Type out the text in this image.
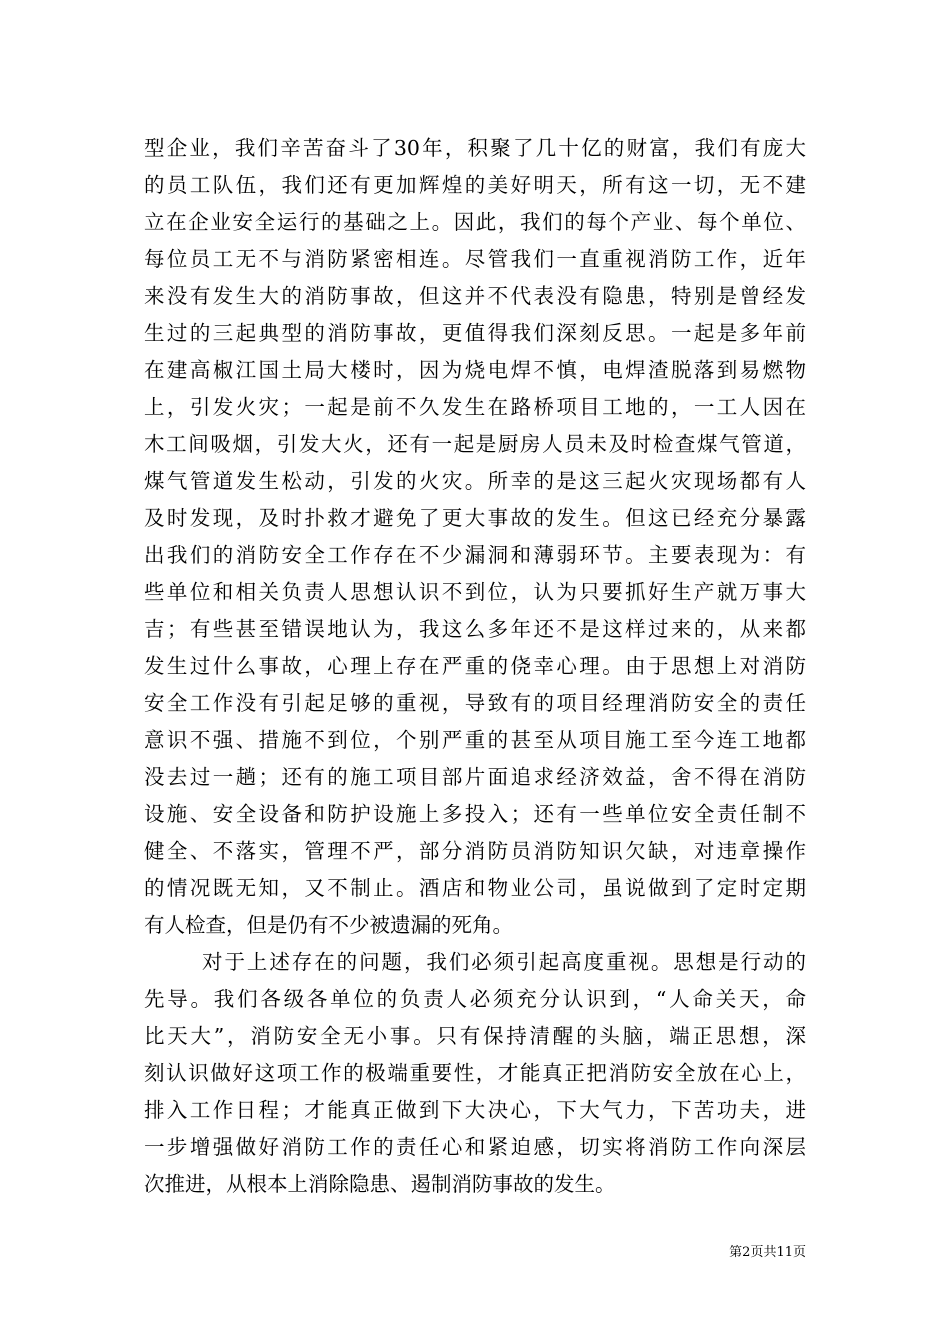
型企业，我们辛苦奋斗了30年，积聚了几十亿的财富，我们有庞大
的员工队伍，我们还有更加辉煌的美好明天，所有这一切，无不建
立在企业安全运行的基础之上。因此，我们的每个产业、每个单位、
每位员工无不与消防紧密相连。尽管我们一直重视消防工作，近年
来没有发生大的消防事故，但这并不代表没有隐患，特别是曾经发
生过的三起典型的消防事故，更值得我们深刻反思。一起是多年前
在建高椒江国土局大楼时，因为烧电焊不慎，电焊渣脱落到易燃物
上，引发火灾；一起是前不久发生在路桥项目工地的，一工人因在
木工间吸烟，引发大火，还有一起是厨房人员未及时检查煤气管道，
煤气管道发生松动，引发的火灾。所幸的是这三起火灾现场都有人
及时发现，及时扑救才避免了更大事故的发生。但这已经充分暴露
出我们的消防安全工作存在不少漏洞和薄弱环节。主要表现为：有
些单位和相关负责人思想认识不到位，认为只要抓好生产就万事大
吉；有些甚至错误地认为，我这么多年还不是这样过来的，从来都
发生过什么事故，心理上存在严重的侥幸心理。由于思想上对消防
安全工作没有引起足够的重视，导致有的项目经理消防安全的责任
意识不强、措施不到位，个别严重的甚至从项目施工至今连工地都
没去过一趟；还有的施工项目部片面追求经济效益，舍不得在消防
设施、安全设备和防护设施上多投入；还有一些单位安全责任制不
健全、不落实，管理不严，部分消防员消防知识欠缺，对违章操作
的情况既无知，又不制止。酒店和物业公司，虽说做到了定时定期
有人检查，但是仍有不少被遗漏的死角。
对于上述存在的问题，我们必须引起高度重视。思想是行动的
先导。我们各级各单位的负责人必须充分认识到，“人命关天，命
比天大”，消防安全无小事。只有保持清醒的头脑，端正思想，深
刻认识做好这项工作的极端重要性，才能真正把消防安全放在心上，
排入工作日程；才能真正做到下大决心，下大气力，下苦功夫，进
一步增强做好消防工作的责任心和紧迫感，切实将消防工作向深层
次推进，从根本上消除隐患、遏制消防事故的发生。
第2页共11页
